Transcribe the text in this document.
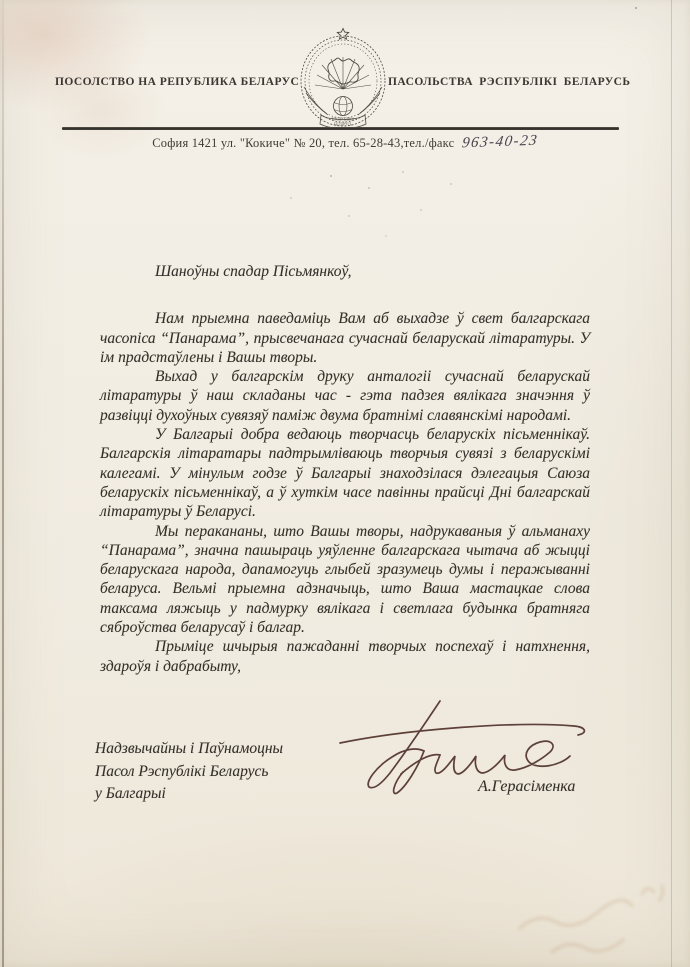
ПОСОЛСТВО НА РЕПУБЛИКА БЕЛАРУС
РЭСПУБЛІКА
БЕЛАРУСЬ
ПАСОЛЬСТВА РЭСПУБЛІКІ БЕЛАРУСЬ
София 1421 ул. "Кокиче" № 20, тел. 65-28-43,тел./факс 963-40-23
Шаноўны спадар Пісьмянкоў,

Нам прыемна паведаміць Вам аб выхадзе ў свет балгарскага часопіса “Панарама”, прысвечанага сучаснай беларускай літаратуры. У ім прадстаўлены і Вашы творы.

Выхад у балгарскім друку анталогіі сучаснай беларускай літаратуры ў наш складаны час - гэта падзея вялікага значэння ў развіцці духоўных сувязяў паміж двума братнімі славянскімі народамі.

У Балгарыі добра ведаюць творчасць беларускіх пісьменнікаў. Балгарскія літаратары падтрымліваюць творчыя сувязі з беларускімі калегамі. У мінулым годзе ў Балгарыі знаходзілася дэлегацыя Саюза беларускіх пісьменнікаў, а ў хуткім часе павінны прайсці Дні балгарскай літаратуры ў Беларусі.

Мы перакананы, што Вашы творы, надрукаваныя ў альманаху “Панарама”, значна пашыраць уяўленне балгарскага чытача аб жыцці беларускага народа, дапамогуць глыбей зразумець думы і перажыванні беларуса. Вельмі прыемна адзначыць, што Ваша мастацкае слова таксама ляжыць у падмурку вялікага і светлага будынка братняга сяброўства беларусаў і балгар.

Прыміце шчырыя пажаданні творчых поспехаў і натхнення, здароўя і дабрабыту,

Надзвычайны і Паўнамоцны
Пасол Рэспублікі Беларусь
у Балгарыі	А.Герасіменка
